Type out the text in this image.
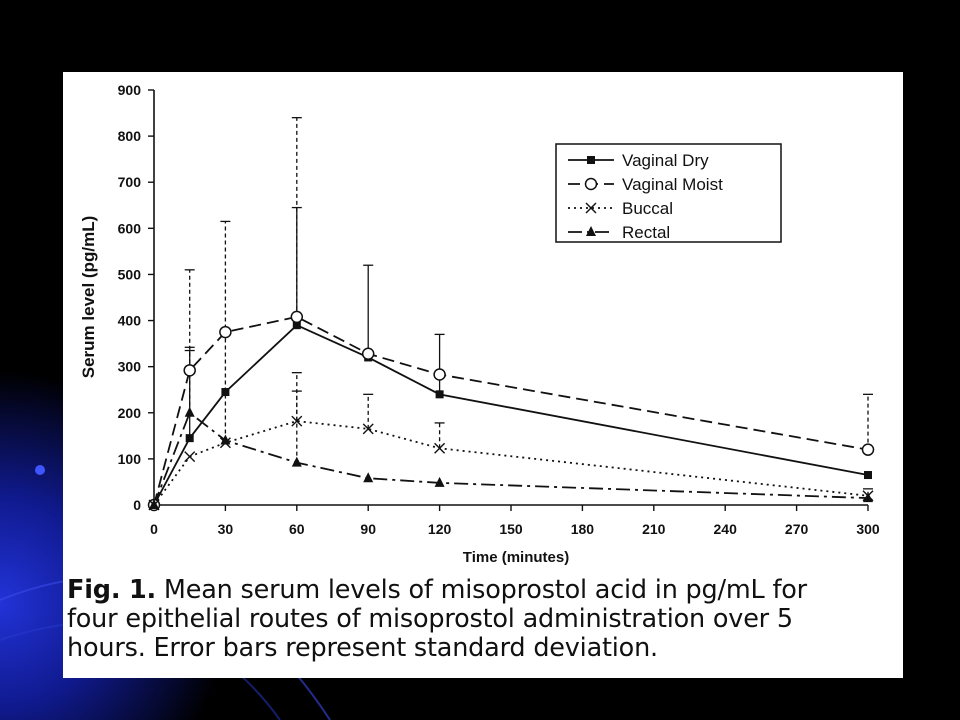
0
100
200
300
400
500
600
700
800
900
0	30	60	90	120	150	180	210	240	270	300
Vaginal Dry
Vaginal Moist
Buccal
Rectal
Time (minutes)
Serum level (pg/mL)
Fig. 1. Mean serum levels of misoprostol acid in pg/mL for
four epithelial routes of misoprostol administration over 5
hours. Error bars represent standard deviation.
